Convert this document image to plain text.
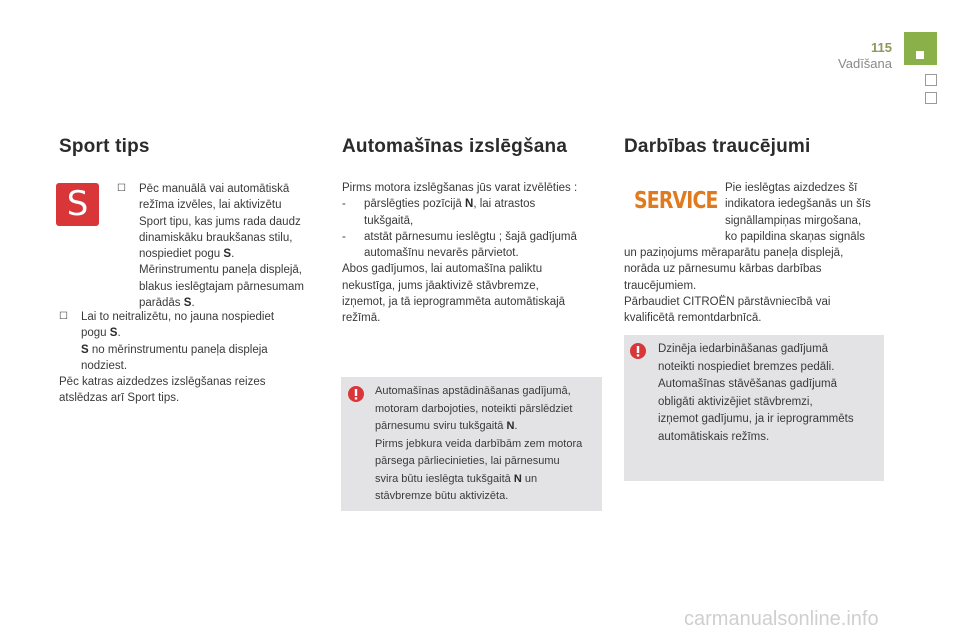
115
Vadīšana
Sport tips
S	☐ Pēc manuālā vai automātiskā

režīma izvēles, lai aktivizētu

Sport tipu, kas jums rada daudz

dinamiskāku braukšanas stilu,

nospiediet pogu S.

Mērinstrumentu paneļa displejā,

blakus ieslēgtajam pārnesumam

parādās S.

☐ Lai to neitralizētu, no jauna nospiediet

pogu S.

S no mērinstrumentu paneļa displeja

nodziest.

Pēc katras aizdedzes izslēgšanas reizes

atslēdzas arī Sport tips.

Automašīnas izslēgšana

Pirms motora izslēgšanas jūs varat izvēlēties :

- pārslēgties pozīcijā N, lai atrastos

tukšgaitā,

- atstāt pārnesumu ieslēgtu ; šajā gadījumā

automašīnu nevarēs pārvietot.

Abos gadījumos, lai automašīna paliktu

nekustīga, jums jāaktivizē stāvbremze,

izņemot, ja tā ieprogrammēta automātiskajā

režīmā.

Automašīnas apstādināšanas gadījumā,

motoram darbojoties, noteikti pārslēdziet

pārnesumu sviru tukšgaitā N.

Pirms jebkura veida darbībām zem motora

pārsega pārliecinieties, lai pārnesumu

svira būtu ieslēgta tukšgaitā N un

stāvbremze būtu aktivizēta.

Darbības traucējumi
SERVICE Pie ieslēgtas aizdedzes šī

indikatora iedegšanās un šīs

signāllampiņas mirgošana,

ko papildina skaņas signāls

un paziņojums mēraparātu paneļa displejā,

norāda uz pārnesumu kārbas darbības

traucējumiem.

Pārbaudiet CITROËN pārstāvniecībā vai

kvalificētā remontdarbnīcā.

Dzinēja iedarbināšanas gadījumā

noteikti nospiediet bremzes pedāli.

Automašīnas stāvēšanas gadījumā

obligāti aktivizējiet stāvbremzi,

izņemot gadījumu, ja ir ieprogrammēts

automātiskais režīms.

carmanualsonline.info
